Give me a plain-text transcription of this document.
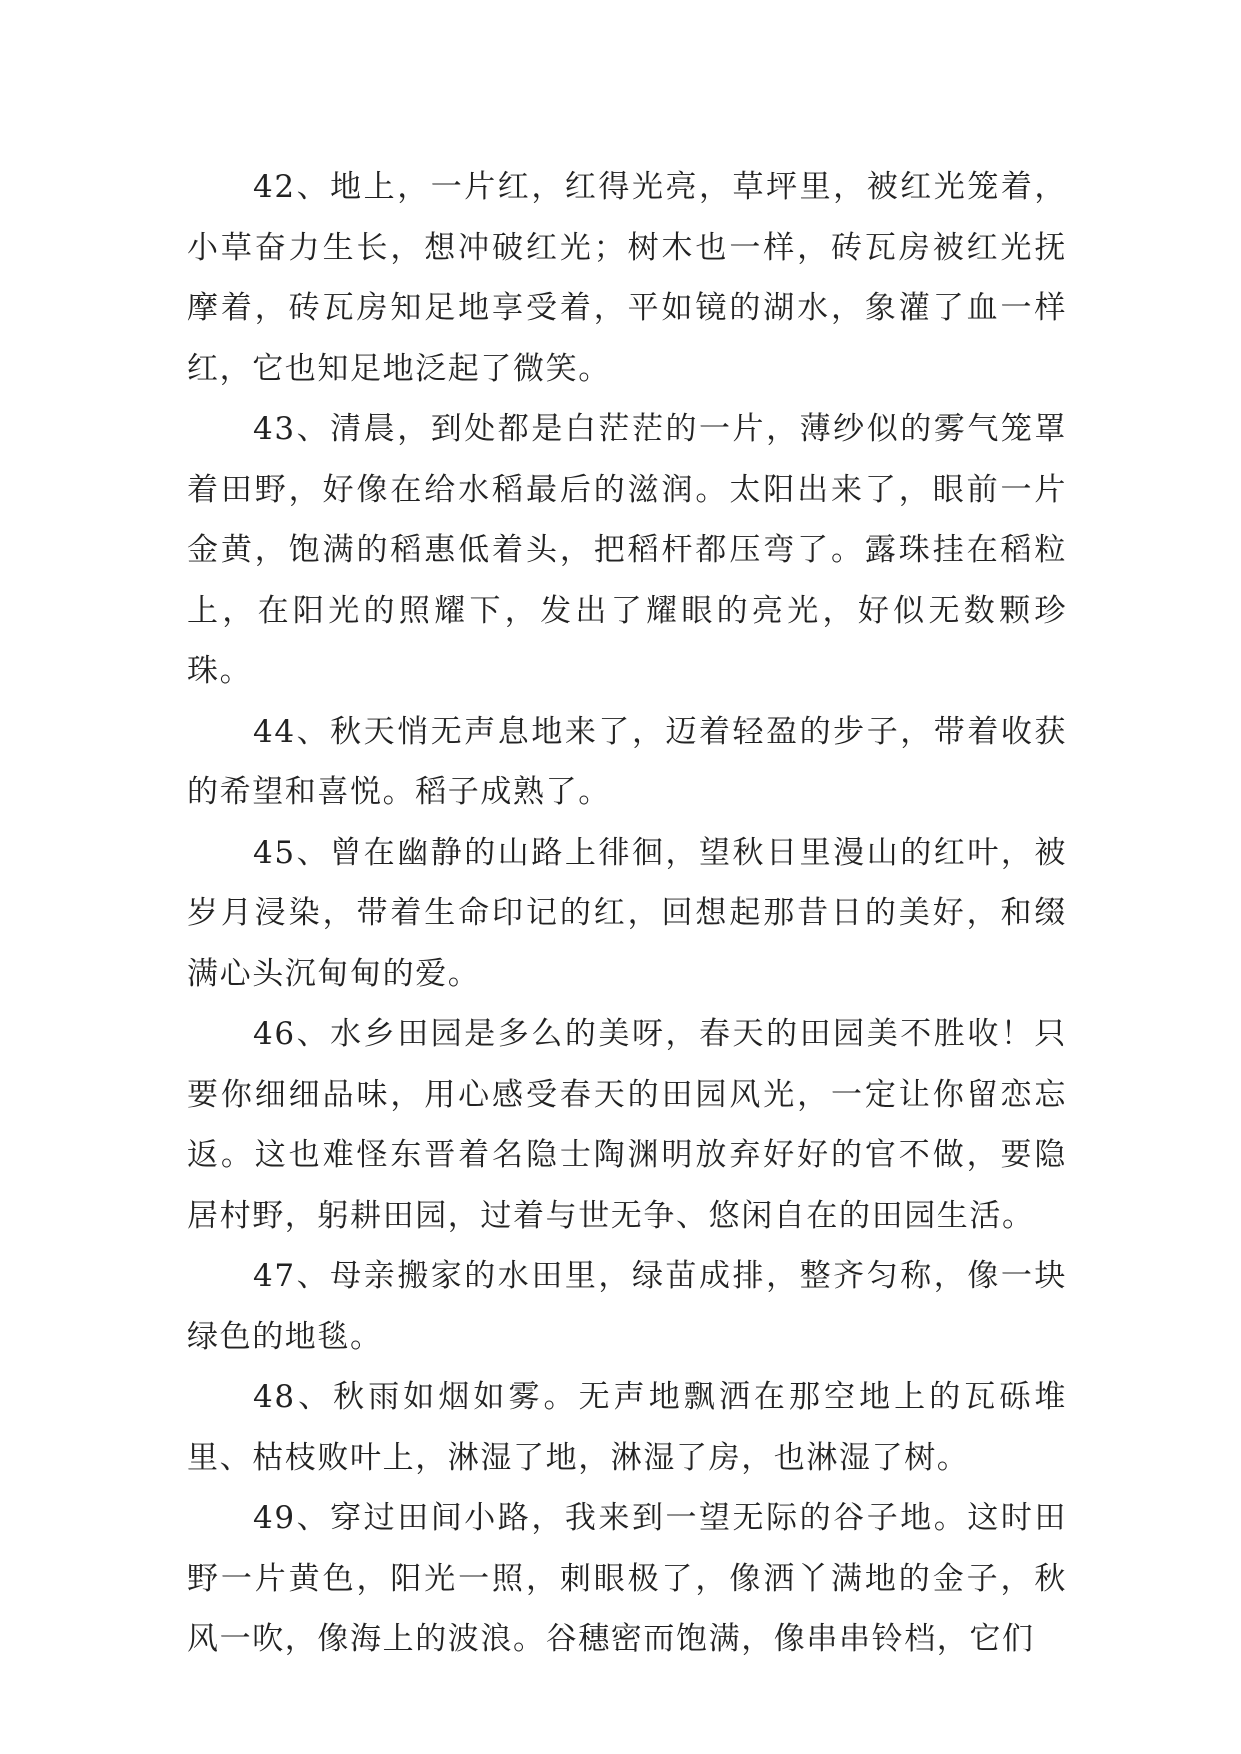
42、地上，一片红，红得光亮，草坪里，被红光笼着，小草奋力生长，想冲破红光；树木也一样，砖瓦房被红光抚摩着，砖瓦房知足地享受着，平如镜的湖水，象灌了血一样红，它也知足地泛起了微笑。

43、清晨，到处都是白茫茫的一片，薄纱似的雾气笼罩着田野，好像在给水稻最后的滋润。太阳出来了，眼前一片金黄，饱满的稻惠低着头，把稻杆都压弯了。露珠挂在稻粒上，在阳光的照耀下，发出了耀眼的亮光，好似无数颗珍珠。

44、秋天悄无声息地来了，迈着轻盈的步子，带着收获的希望和喜悦。稻子成熟了。

45、曾在幽静的山路上徘徊，望秋日里漫山的红叶，被岁月浸染，带着生命印记的红，回想起那昔日的美好，和缀满心头沉甸甸的爱。

46、水乡田园是多么的美呀，春天的田园美不胜收！只要你细细品味，用心感受春天的田园风光，一定让你留恋忘返。这也难怪东晋着名隐士陶渊明放弃好好的官不做，要隐居村野，躬耕田园，过着与世无争、悠闲自在的田园生活。

47、母亲搬家的水田里，绿苗成排，整齐匀称，像一块绿色的地毯。

48、秋雨如烟如雾。无声地飘洒在那空地上的瓦砾堆里、枯枝败叶上，淋湿了地，淋湿了房，也淋湿了树。

49、穿过田间小路，我来到一望无际的谷子地。这时田野一片黄色，阳光一照，刺眼极了，像洒丫满地的金子，秋风一吹，像海上的波浪。谷穗密而饱满，像串串铃档，它们
